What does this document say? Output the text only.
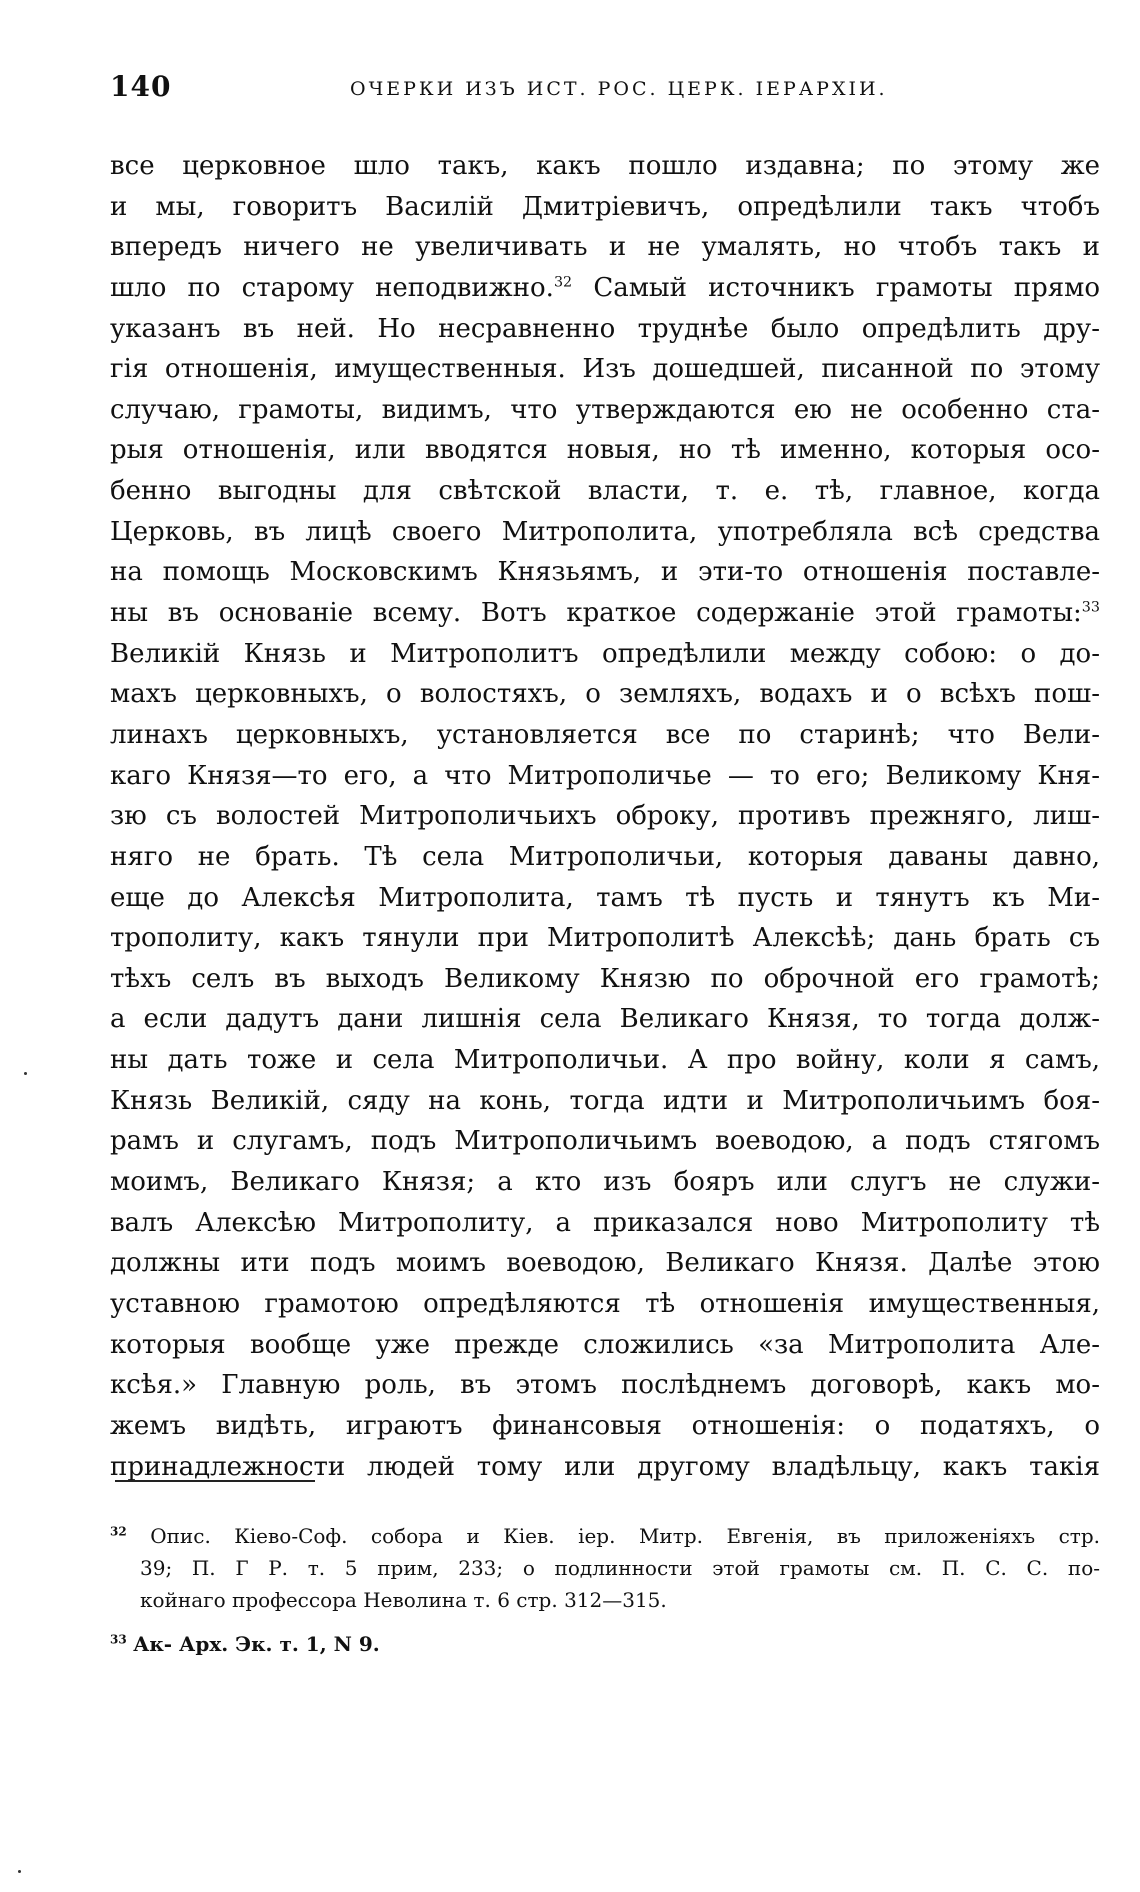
140	ОЧЕРКИ ИЗЪ ИСТ. РОС. ЦЕРК. ІЕРАРХІИ.
все церковное шло такъ, какъ пошло издавна; по этому же
и мы, говоритъ Василій Дмитріевичъ, опредѣлили такъ чтобъ
впередъ ничего не увеличивать и не умалять, но чтобъ такъ и
шло по старому неподвижно.$^{32}$ Самый источникъ грамоты прямо
указанъ въ ней. Но несравненно труднѣе было опредѣлить дру-
гія отношенія, имущественныя. Изъ дошедшей, писанной по этому
случаю, грамоты, видимъ, что утверждаются ею не особенно ста-
рыя отношенія, или вводятся новыя, но тѣ именно, которыя осо-
бенно выгодны для свѣтской власти, т. е. тѣ, главное, когда
Церковь, въ лицѣ своего Митрополита, употребляла всѣ средства
на помощь Московскимъ Князьямъ, и эти-то отношенія поставле-
ны въ основаніе всему. Вотъ краткое содержаніе этой грамоты:$^{33}$
Великій Князь и Митрополитъ опредѣлили между собою: о до-
махъ церковныхъ, о волостяхъ, о земляхъ, водахъ и о всѣхъ пош-
линахъ церковныхъ, установляется все по старинѣ; что Вели-
каго Князя—то его, а что Митрополичье — то его; Великому Кня-
зю съ волостей Митрополичьихъ оброку, противъ прежняго, лиш-
няго не брать. Тѣ села Митрополичьи, которыя даваны давно,
еще до Алексѣя Митрополита, тамъ тѣ пусть и тянутъ къ Ми-
трополиту, какъ тянули при Митрополитѣ Алексѣѣ; дань брать съ
тѣхъ селъ въ выходъ Великому Князю по оброчной его грамотѣ;
а если дадутъ дани лишнія села Великаго Князя, то тогда долж-
ны дать тоже и села Митрополичьи. А про войну, коли я самъ,
Князь Великій, сяду на конь, тогда идти и Митрополичьимъ боя-
рамъ и слугамъ, подъ Митрополичьимъ воеводою, а подъ стягомъ
моимъ, Великаго Князя; а кто изъ бояръ или слугъ не служи-
валъ Алексѣю Митрополиту, а приказался ново Митрополиту тѣ
должны ити подъ моимъ воеводою, Великаго Князя. Далѣе этою
уставною грамотою опредѣляются тѣ отношенія имущественныя,
которыя вообще уже прежде сложились «за Митрополита Але-
ксѣя.» Главную роль, въ этомъ послѣднемъ договорѣ, какъ мо-
жемъ видѣть, играютъ финансовыя отношенія: о податяхъ, о
принадлежности людей тому или другому владѣльцу, какъ такія
$^{32}$ Опис. Кіево-Соф. собора и Кіев. іер. Митр. Евгенія, въ приложеніяхъ стр.
39; П. Г Р. т. 5 прим, 233; о подлинности этой грамоты см. П. С. С. по-
койнаго профессора Неволина т. 6 стр. 312—315.
$^{33}$ Ак- Арх. Эк. т. 1, N 9.
